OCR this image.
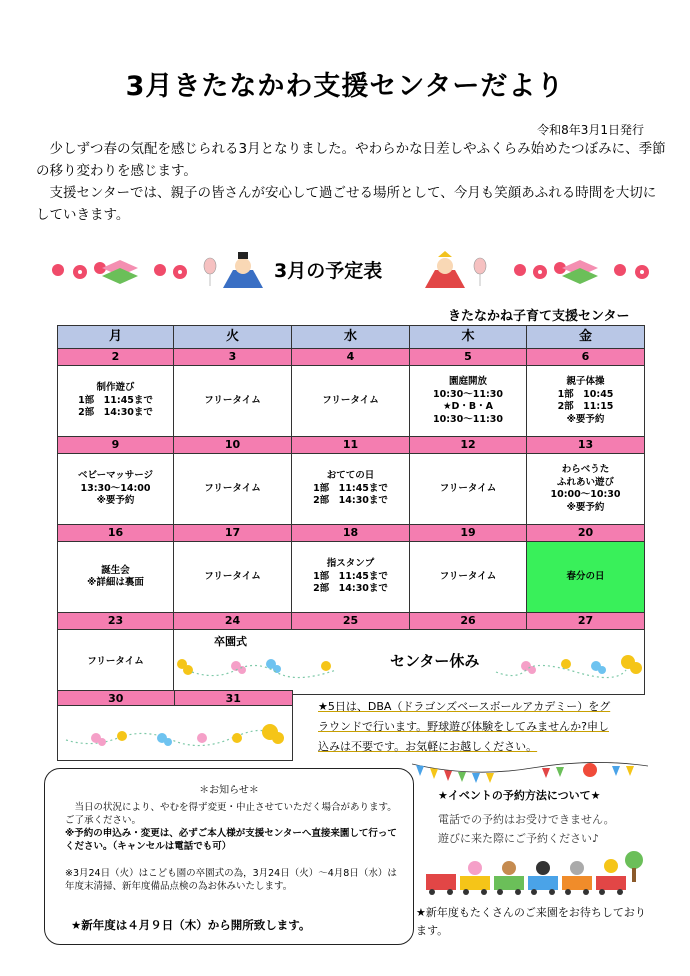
3月きたなかわ支援センターだより
令和8年3月1日発行

少しずつ春の気配を感じられる3月となりました。やわらかな日差しやふくらみ始めたつぼみに、季節の移り変わりを感じます。

支援センターでは、親子の皆さんが安心して過ごせる場所として、今月も笑顔あふれる時間を大切にしていきます。

3月の予定表
きたなかね子育て支援センター
月	火	水	木	金
2	3	4	5	6
制作遊び
1部　11:45まで
2部　14:30まで	フリータイム	フリータイム	園庭開放
10:30～11:30
★D・B・A
10:30～11:30	親子体操
1部　10:45
2部　11:15
※要予約
9	10	11	12	13
ベビーマッサージ
13:30～14:00
※要予約	フリータイム	おてての日
1部　11:45まで
2部　14:30まで	フリータイム	わらべうた
ふれあい遊び
10:00～10:30
※要予約
16	17	18	19	20
誕生会
※詳細は裏面	フリータイム	指スタンプ
1部　11:45まで
2部　14:30まで	フリータイム	春分の日
23	24	25	26	27
フリータイム	卒園式
センター休み			
30	31
★5日は、DBA（ドラゴンズベースボールアカデミー）をグラウンドで行います。野球遊び体験をしてみませんか?申し込みは不要です。お気軽にお越しください。
＊お知らせ＊

当日の状況により、やむを得ず変更・中止させていただく場合があります。ご了承ください。

※予約の申込み・変更は、必ずご本人様が支援センターへ直接来園して行ってください。（キャンセルは電話でも可）

※3月24日（火）はこども園の卒園式の為，3月24日（火）～4月8日（水）は年度末清掃、新年度備品点検の為お休みいたします。

★新年度は４月９日（木）から開所致します。
★イベントの予約方法について★
電話での予約はお受けできません。
遊びに来た際にご予約ください♪
★新年度もたくさんのご来園をお待ちしております。
